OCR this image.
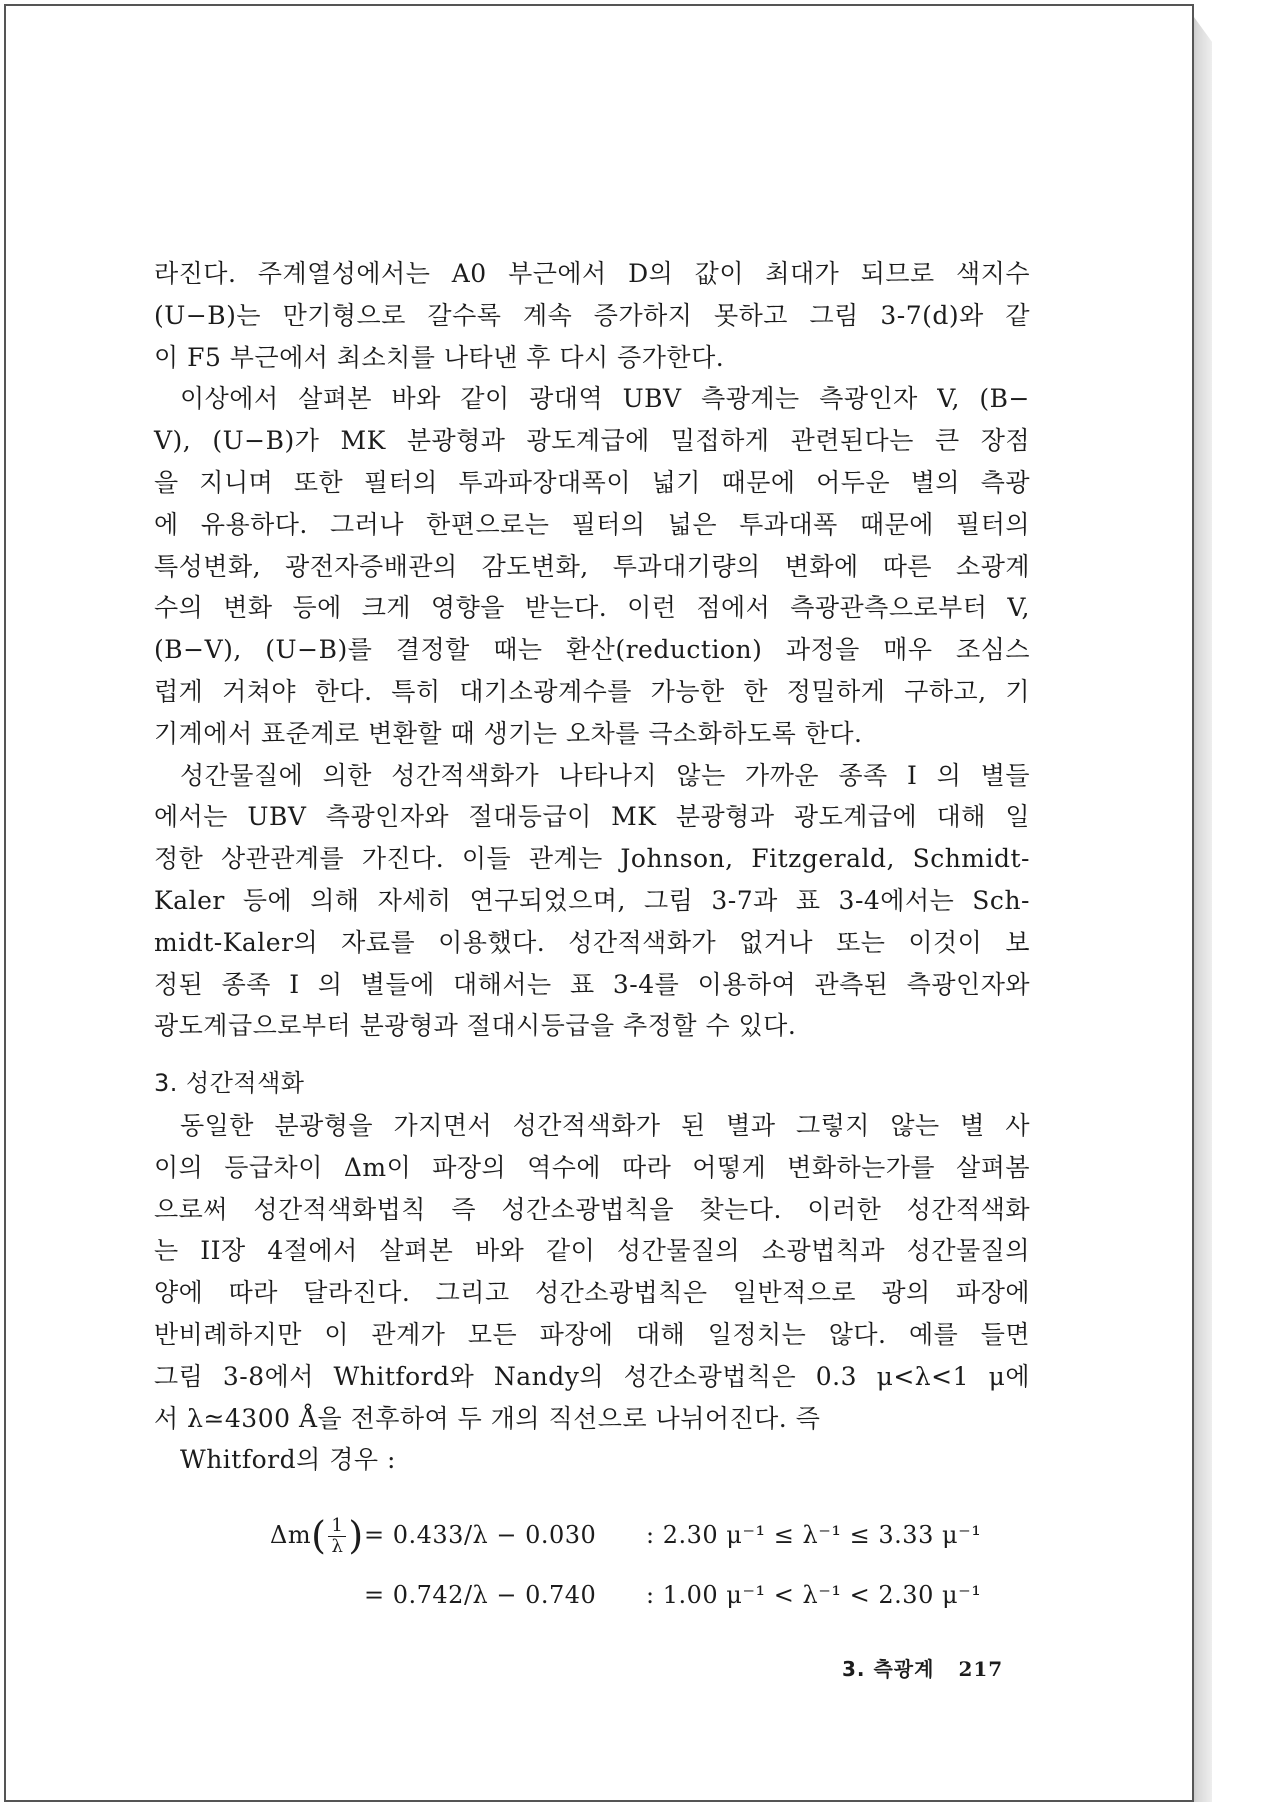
라진다. 주계열성에서는 A0 부근에서 D의 값이 최대가 되므로 색지수

(U−B)는 만기형으로 갈수록 계속 증가하지 못하고 그림 3-7(d)와 같

이 F5 부근에서 최소치를 나타낸 후 다시 증가한다.

이상에서 살펴본 바와 같이 광대역 UBV 측광계는 측광인자 V, (B−

V), (U−B)가 MK 분광형과 광도계급에 밀접하게 관련된다는 큰 장점

을 지니며 또한 필터의 투과파장대폭이 넓기 때문에 어두운 별의 측광

에 유용하다. 그러나 한편으로는 필터의 넓은 투과대폭 때문에 필터의

특성변화, 광전자증배관의 감도변화, 투과대기량의 변화에 따른 소광계

수의 변화 등에 크게 영향을 받는다. 이런 점에서 측광관측으로부터 V,

(B−V), (U−B)를 결정할 때는 환산(reduction) 과정을 매우 조심스

럽게 거쳐야 한다. 특히 대기소광계수를 가능한 한 정밀하게 구하고, 기

기계에서 표준계로 변환할 때 생기는 오차를 극소화하도록 한다.

성간물질에 의한 성간적색화가 나타나지 않는 가까운 종족 I 의 별들

에서는 UBV 측광인자와 절대등급이 MK 분광형과 광도계급에 대해 일

정한 상관관계를 가진다. 이들 관계는 Johnson, Fitzgerald, Schmidt-

Kaler 등에 의해 자세히 연구되었으며, 그림 3-7과 표 3-4에서는 Sch-

midt-Kaler의 자료를 이용했다. 성간적색화가 없거나 또는 이것이 보

정된 종족 I 의 별들에 대해서는 표 3-4를 이용하여 관측된 측광인자와

광도계급으로부터 분광형과 절대시등급을 추정할 수 있다.

3. 성간적색화

동일한 분광형을 가지면서 성간적색화가 된 별과 그렇지 않는 별 사

이의 등급차이 Δm이 파장의 역수에 따라 어떻게 변화하는가를 살펴봄

으로써 성간적색화법칙 즉 성간소광법칙을 찾는다. 이러한 성간적색화

는 II장 4절에서 살펴본 바와 같이 성간물질의 소광법칙과 성간물질의

양에 따라 달라진다. 그리고 성간소광법칙은 일반적으로 광의 파장에

반비례하지만 이 관계가 모든 파장에 대해 일정치는 않다. 예를 들면

그림 3-8에서 Whitford와 Nandy의 성간소광법칙은 0.3 μ<λ<1 μ에

서 λ≃4300 Å을 전후하여 두 개의 직선으로 나뉘어진다. 즉

Whitford의 경우 :

$\Delta m( \frac{1}{\lambda}$ ) = 0.433/λ − 0.030 : 2.30 μ⁻¹ ≤ λ⁻¹ ≤ 3.33 μ⁻¹
= 0.742/λ − 0.740 : 1.00 μ⁻¹ < λ⁻¹ < 2.30 μ⁻¹
3. 측광계 217
